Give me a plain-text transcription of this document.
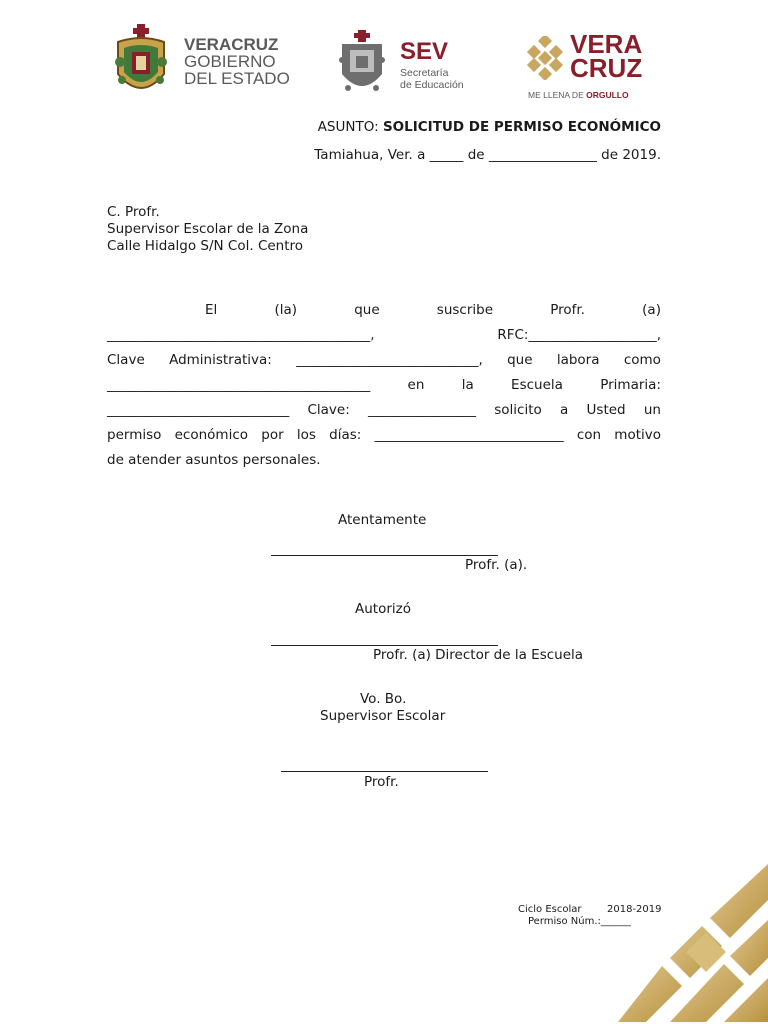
VERACRUZ
GOBIERNO
DEL ESTADO
SEV
Secretaría
de Educación
VERA
CRUZ
ME LLENA DE ORGULLO
ASUNTO: SOLICITUD DE PERMISO ECONÓMICO
Tamiahua, Ver. a _____ de ________________ de 2019.
C. Profr.
Supervisor Escolar de la Zona
Calle Hidalgo S/N Col. Centro
El	(la)	que	suscribe	Profr.	(a)
_______________________________________,	RFC:___________________,
Clave Administrativa: ___________________________, que labora como
_______________________________________	en	la	Escuela	Primaria:
___________________________ Clave: ________________ solicito a Usted un
permiso económico por los días: ____________________________ con motivo
de atender asuntos personales.
Atentamente
Profr. (a).
Autorizó
Profr. (a) Director de la Escuela
Vo. Bo.
Supervisor Escolar
Profr.
Ciclo Escolar	2018-2019
Permiso Núm.:______
